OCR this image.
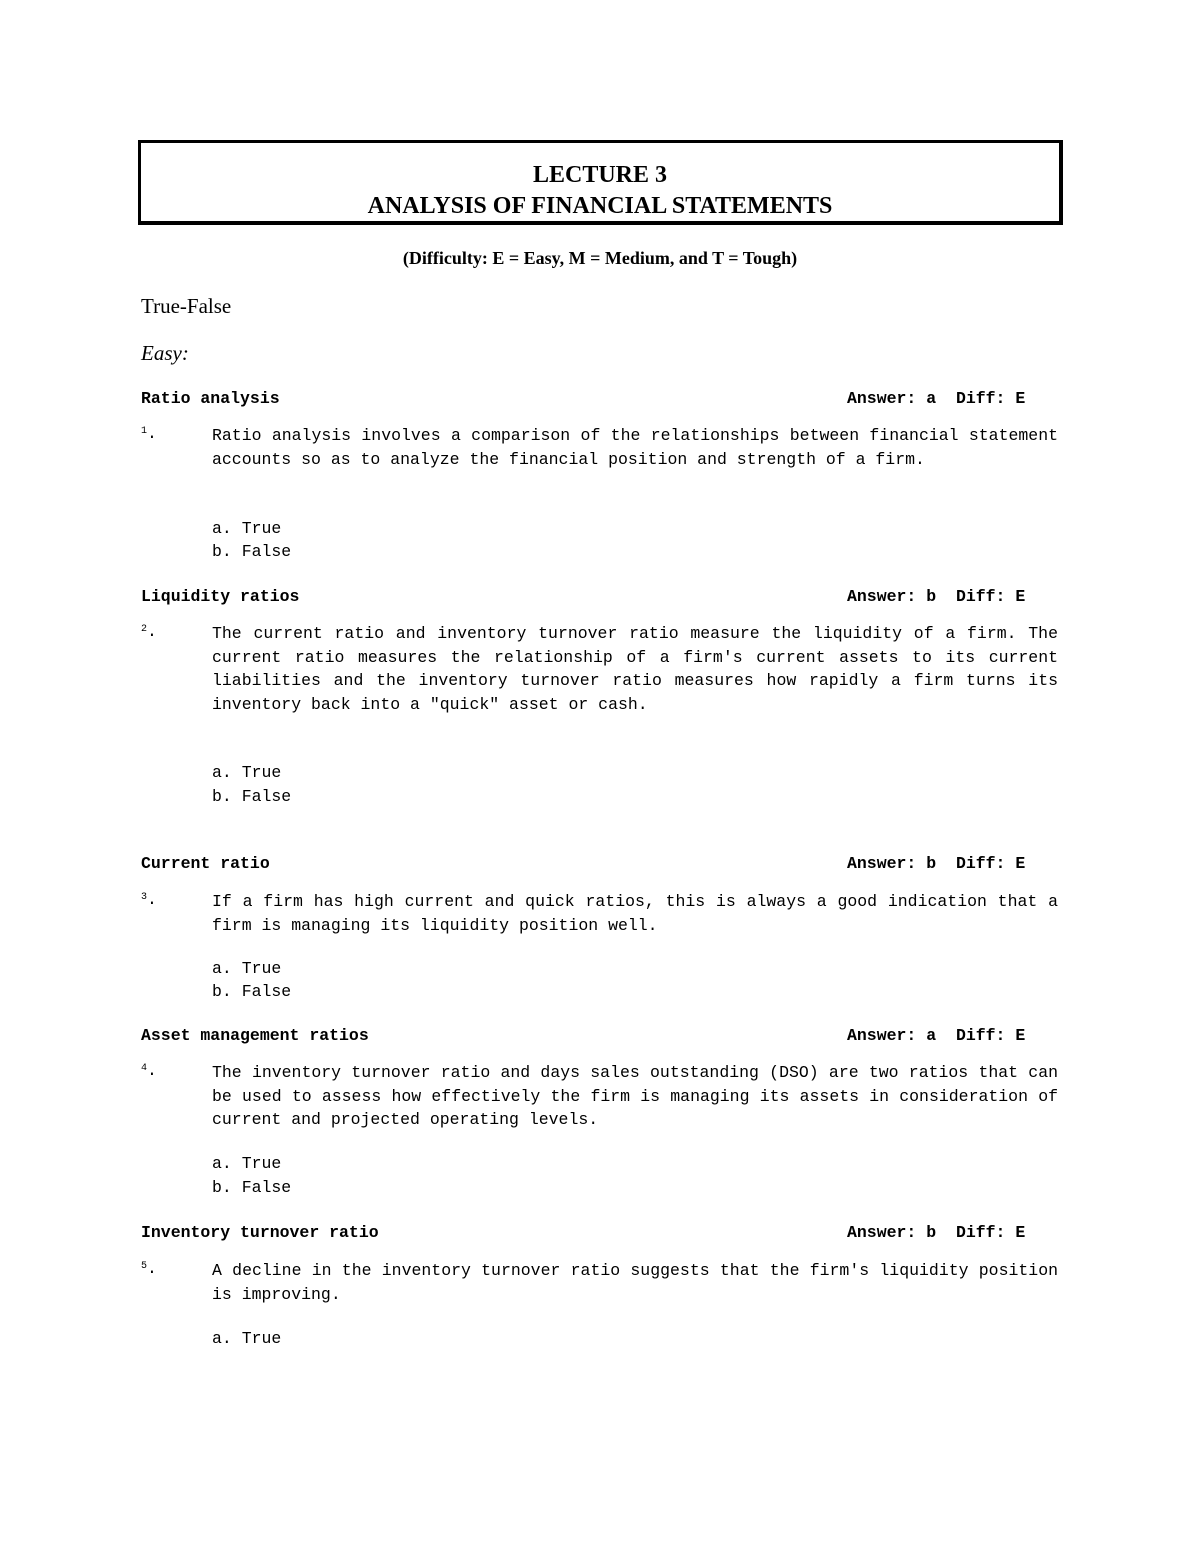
LECTURE 3
ANALYSIS OF FINANCIAL STATEMENTS
(Difficulty: E = Easy, M = Medium, and T = Tough)
True-False
Easy:
Ratio analysis	Answer: a Diff: E
$^1$.	Ratio analysis involves a comparison of the relationships between financial statement accounts so as to analyze the financial position and strength of a firm.
a. True
b. False
Liquidity ratios	Answer: b Diff: E
$^2$.	The current ratio and inventory turnover ratio measure the liquidity of a firm. The current ratio measures the relationship of a firm's current assets to its current liabilities and the inventory turnover ratio measures how rapidly a firm turns its inventory back into a "quick" asset or cash.
a. True
b. False
Current ratio	Answer: b Diff: E
$^3$.	If a firm has high current and quick ratios, this is always a good indication that a firm is managing its liquidity position well.
a. True
b. False
Asset management ratios	Answer: a Diff: E
$^4$.	The inventory turnover ratio and days sales outstanding (DSO) are two ratios that can be used to assess how effectively the firm is managing its assets in consideration of current and projected operating levels.
a. True
b. False
Inventory turnover ratio	Answer: b Diff: E
$^5$.	A decline in the inventory turnover ratio suggests that the firm's liquidity position is improving.
a. True
